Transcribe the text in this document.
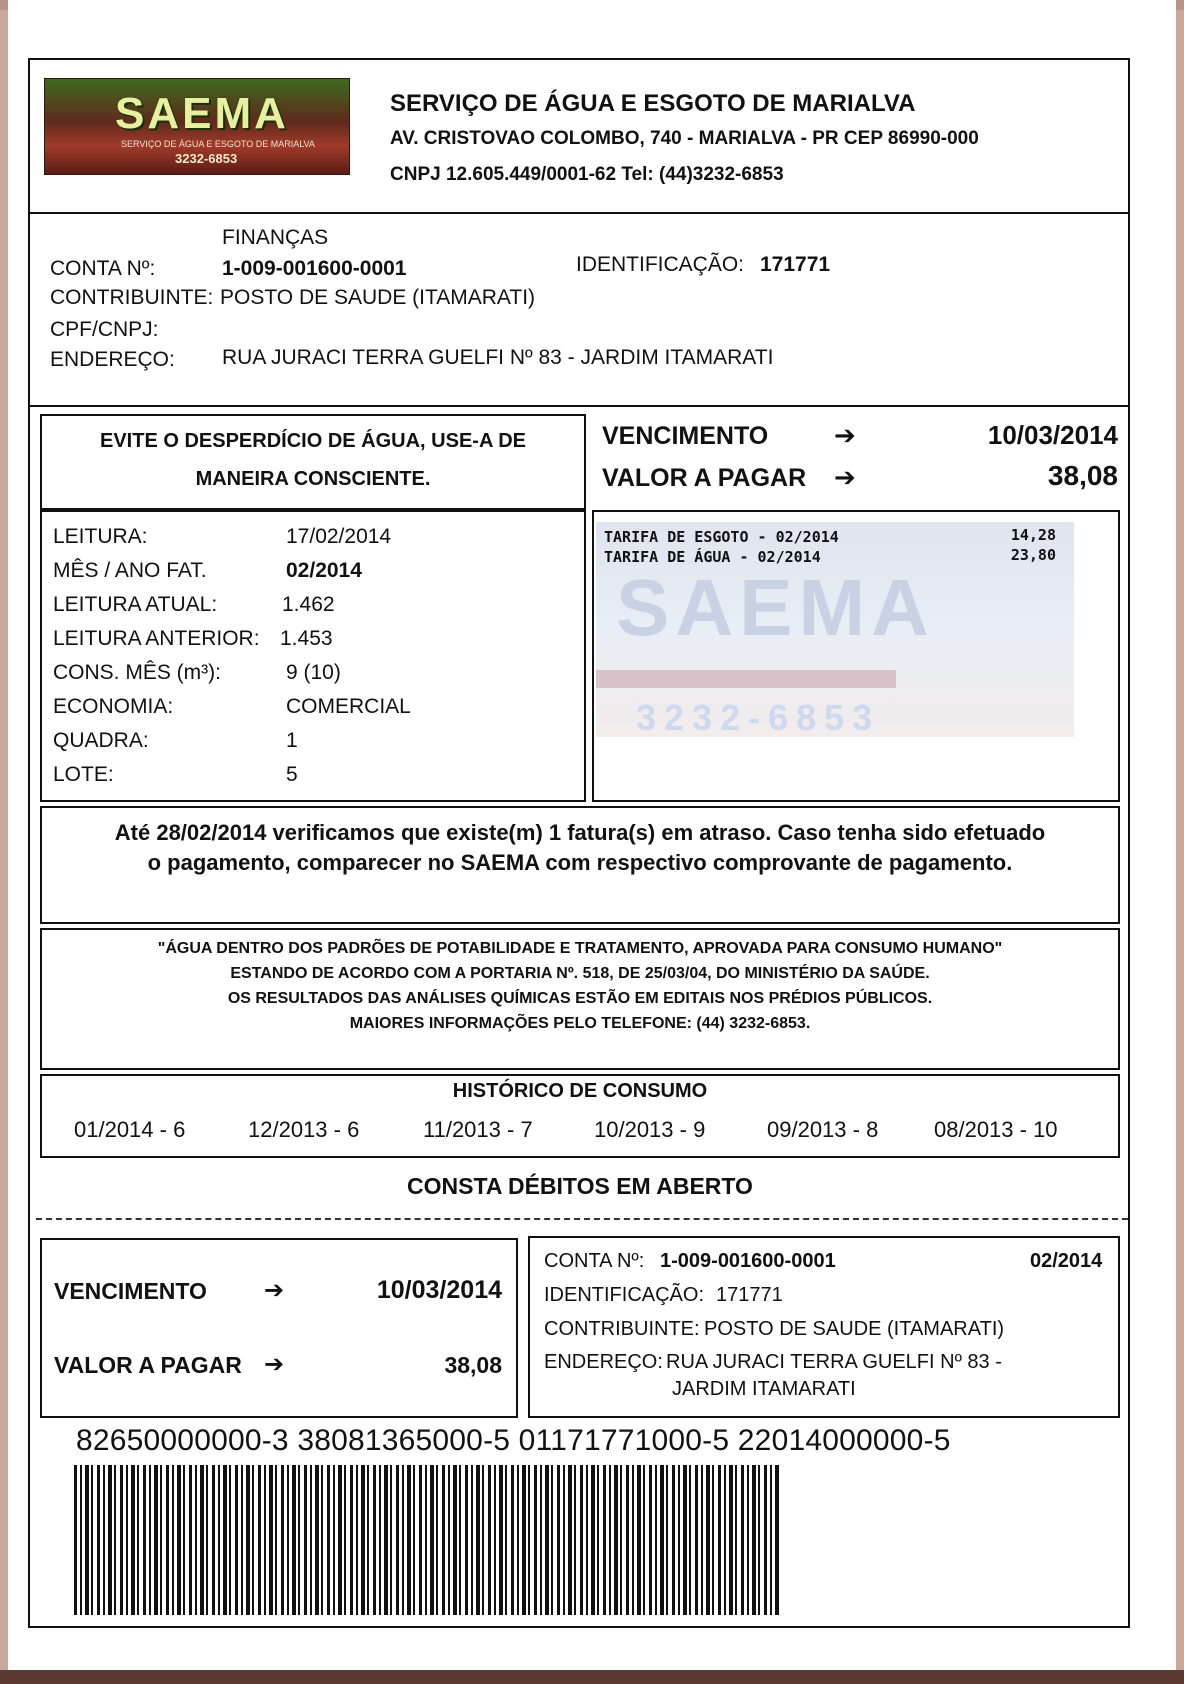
SAEMA
SERVIÇO DE ÁGUA E ESGOTO DE MARIALVA
3232-6853
SERVIÇO DE ÁGUA E ESGOTO DE MARIALVA
AV. CRISTOVAO COLOMBO, 740 - MARIALVA - PR CEP 86990-000
CNPJ 12.605.449/0001-62 Tel: (44)3232-6853
FINANÇAS
CONTA Nº:	1-009-001600-0001	IDENTIFICAÇÃO: 171771
CONTRIBUINTE: POSTO DE SAUDE (ITAMARATI)
CPF/CNPJ:
ENDEREÇO: RUA JURACI TERRA GUELFI Nº 83 - JARDIM ITAMARATI
EVITE O DESPERDÍCIO DE ÁGUA, USE-A DE
MANEIRA CONSCIENTE.
VENCIMENTO	➔	10/03/2014
VALOR A PAGAR ➔	38,08
LEITURA:	17/02/2014
MÊS / ANO FAT.	02/2014
LEITURA ATUAL:	1.462
LEITURA ANTERIOR: 1.453
CONS. MÊS (m³):	9 (10)
ECONOMIA:	COMERCIAL
QUADRA:	1
LOTE:	5
SAEMA
3232-6853
TARIFA DE ESGOTO - 02/2014	14,28
TARIFA DE ÁGUA - 02/2014	23,80
Até 28/02/2014 verificamos que existe(m) 1 fatura(s) em atraso. Caso tenha sido efetuado
o pagamento, comparecer no SAEMA com respectivo comprovante de pagamento.
"ÁGUA DENTRO DOS PADRÕES DE POTABILIDADE E TRATAMENTO, APROVADA PARA CONSUMO HUMANO"
ESTANDO DE ACORDO COM A PORTARIA Nº. 518, DE 25/03/04, DO MINISTÉRIO DA SAÚDE.
OS RESULTADOS DAS ANÁLISES QUÍMICAS ESTÃO EM EDITAIS NOS PRÉDIOS PÚBLICOS.
MAIORES INFORMAÇÕES PELO TELEFONE: (44) 3232-6853.
HISTÓRICO DE CONSUMO
01/2014 - 6	12/2013 - 6	11/2013 - 7	10/2013 - 9	09/2013 - 8	08/2013 - 10
CONSTA DÉBITOS EM ABERTO
VENCIMENTO ➔	10/03/2014
VALOR A PAGAR ➔	38,08
CONTA Nº: 1-009-001600-0001	02/2014
IDENTIFICAÇÃO: 171771
CONTRIBUINTE: POSTO DE SAUDE (ITAMARATI)
ENDEREÇO: RUA JURACI TERRA GUELFI Nº 83 -
JARDIM ITAMARATI
82650000000-3 38081365000-5 01171771000-5 22014000000-5
